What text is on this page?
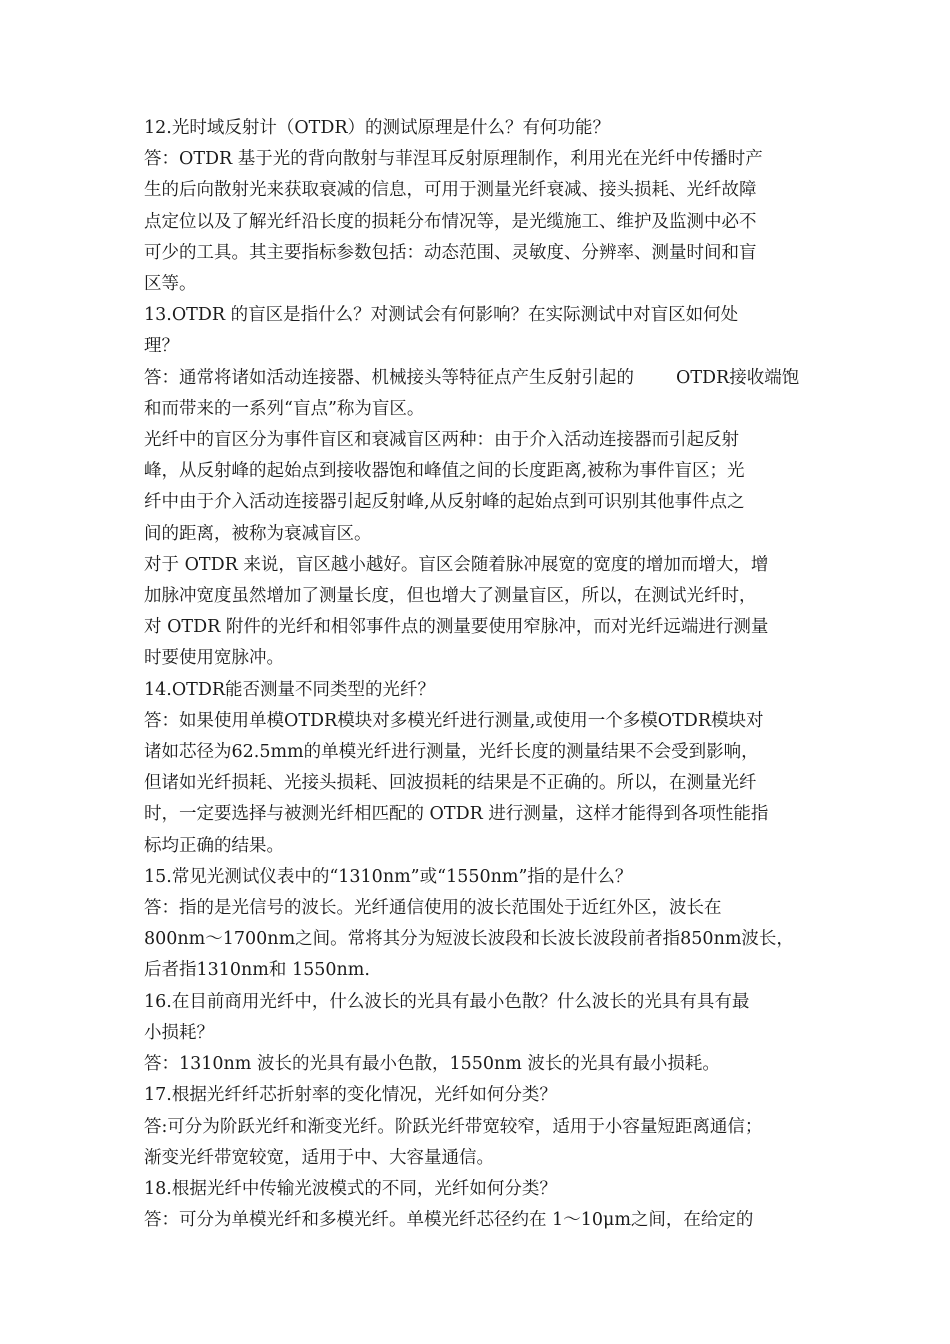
12.光时域反射计（OTDR）的测试原理是什么？有何功能？
答：OTDR 基于光的背向散射与菲涅耳反射原理制作，利用光在光纤中传播时产
生的后向散射光来获取衰减的信息，可用于测量光纤衰减、接头损耗、光纤故障
点定位以及了解光纤沿长度的损耗分布情况等，是光缆施工、维护及监测中必不
可少的工具。其主要指标参数包括：动态范围、灵敏度、分辨率、测量时间和盲
区等。
13.OTDR 的盲区是指什么？对测试会有何影响？在实际测试中对盲区如何处
理？
答：通常将诸如活动连接器、机械接头等特征点产生反射引起的 OTDR接收端饱
和而带来的一系列“盲点”称为盲区。
光纤中的盲区分为事件盲区和衰减盲区两种：由于介入活动连接器而引起反射
峰，从反射峰的起始点到接收器饱和峰值之间的长度距离,被称为事件盲区；光
纤中由于介入活动连接器引起反射峰,从反射峰的起始点到可识别其他事件点之
间的距离，被称为衰减盲区。
对于 OTDR 来说，盲区越小越好。盲区会随着脉冲展宽的宽度的增加而增大，增
加脉冲宽度虽然增加了测量长度，但也增大了测量盲区，所以，在测试光纤时，
对 OTDR 附件的光纤和相邻事件点的测量要使用窄脉冲，而对光纤远端进行测量
时要使用宽脉冲。
14.OTDR能否测量不同类型的光纤？
答：如果使用单模OTDR模块对多模光纤进行测量,或使用一个多模OTDR模块对
诸如芯径为62.5mm的单模光纤进行测量，光纤长度的测量结果不会受到影响，
但诸如光纤损耗、光接头损耗、回波损耗的结果是不正确的。所以，在测量光纤
时，一定要选择与被测光纤相匹配的 OTDR 进行测量，这样才能得到各项性能指
标均正确的结果。
15.常见光测试仪表中的“1310nm”或“1550nm”指的是什么？
答：指的是光信号的波长。光纤通信使用的波长范围处于近红外区，波长在
800nm～1700nm之间。常将其分为短波长波段和长波长波段前者指850nm波长，
后者指1310nm和 1550nm.
16.在目前商用光纤中，什么波长的光具有最小色散？什么波长的光具有具有最
小损耗？
答：1310nm 波长的光具有最小色散，1550nm 波长的光具有最小损耗。
17.根据光纤纤芯折射率的变化情况，光纤如何分类？
答:可分为阶跃光纤和渐变光纤。阶跃光纤带宽较窄，适用于小容量短距离通信；
渐变光纤带宽较宽，适用于中、大容量通信。
18.根据光纤中传输光波模式的不同，光纤如何分类？
答：可分为单模光纤和多模光纤。单模光纤芯径约在 1～10μm之间，在给定的
